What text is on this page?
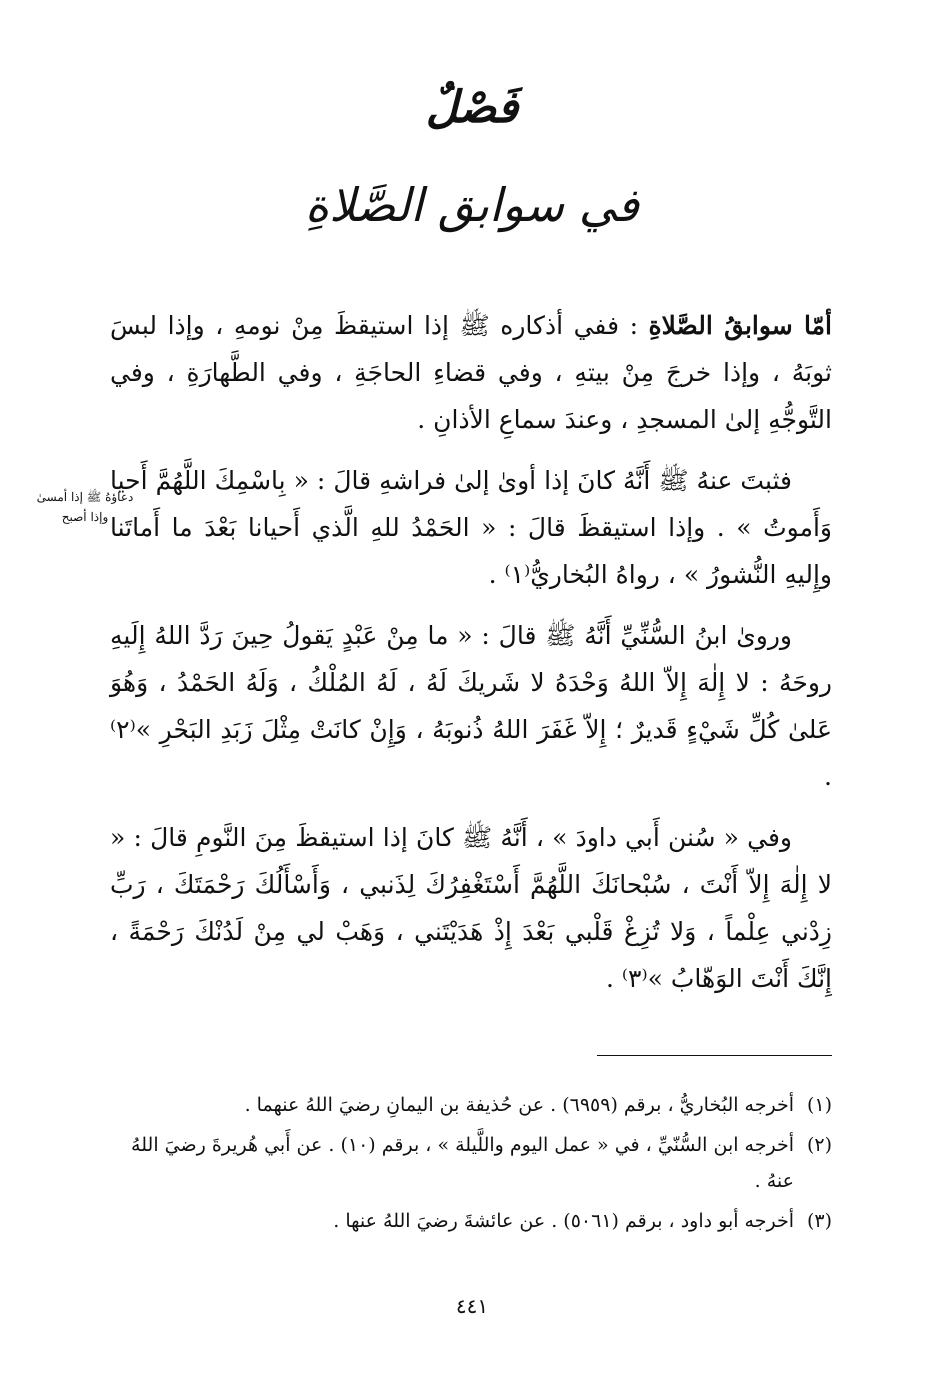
فَصْلٌ
في سوابق الصَّلاةِ
دعاؤهُ ﷺ إذا أمسىٰ
وإذا أصبح

أمّا سوابقُ الصَّلاةِ : ففي أذكاره ﷺ إذا استيقظَ مِنْ نومهِ ، وإذا لبسَ ثوبَهُ ، وإذا خرجَ مِنْ بيتهِ ، وفي قضاءِ الحاجَةِ ، وفي الطَّهارَةِ ، وفي التَّوجُّهِ إلىٰ المسجدِ ، وعندَ سماعِ الأذانِ .

فثبتَ عنهُ ﷺ أَنَّهُ كانَ إذا أوىٰ إلىٰ فراشهِ قالَ : « بِاسْمِكَ اللَّهُمَّ أَحيا وَأَموتُ » . وإذا استيقظَ قالَ : « الحَمْدُ للهِ الَّذي أَحيانا بَعْدَ ما أَماتَنا وإِليهِ النُّشورُ » ، رواهُ البُخاريُّ⁽١⁾ .

وروىٰ ابنُ السُّنِّيِّ أَنَّهُ ﷺ قالَ : « ما مِنْ عَبْدٍ يَقولُ حِينَ رَدَّ اللهُ إِلَيهِ روحَهُ : لا إِلٰهَ إِلاّ اللهُ وَحْدَهُ لا شَريكَ لَهُ ، لَهُ المُلْكُ ، وَلَهُ الحَمْدُ ، وَهُوَ عَلىٰ كُلِّ شَيْءٍ قَديرٌ ؛ إِلاّ غَفَرَ اللهُ ذُنوبَهُ ، وَإِنْ كانَتْ مِثْلَ زَبَدِ البَحْرِ »⁽٢⁾ .

وفي « سُنن أَبي داودَ » ، أَنَّهُ ﷺ كانَ إذا استيقظَ مِنَ النَّومِ قالَ : « لا إِلٰهَ إِلاّ أَنْتَ ، سُبْحانَكَ اللَّهُمَّ أَسْتَغْفِرُكَ لِذَنبي ، وَأَسْأَلُكَ رَحْمَتَكَ ، رَبِّ زِدْني عِلْماً ، وَلا تُزِغْ قَلْبي بَعْدَ إِذْ هَدَيْتَني ، وَهَبْ لي مِنْ لَدُنْكَ رَحْمَةً ، إِنَّكَ أَنْتَ الوَهّابُ »⁽٣⁾ .

(١)
أخرجه البُخاريُّ ، برقم (٦٩٥٩) . عن حُذيفة بن اليمانِ رضيَ اللهُ عنهما .
(٢)
أخرجه ابن السُّنّيِّ ، في « عمل اليوم واللَّيلة » ، برقم (١٠) . عن أَبي هُريرةَ رضيَ اللهُ عنهُ .
(٣)
أخرجه أبو داود ، برقم (٥٠٦١) . عن عائشةَ رضيَ اللهُ عنها .
٤٤١
